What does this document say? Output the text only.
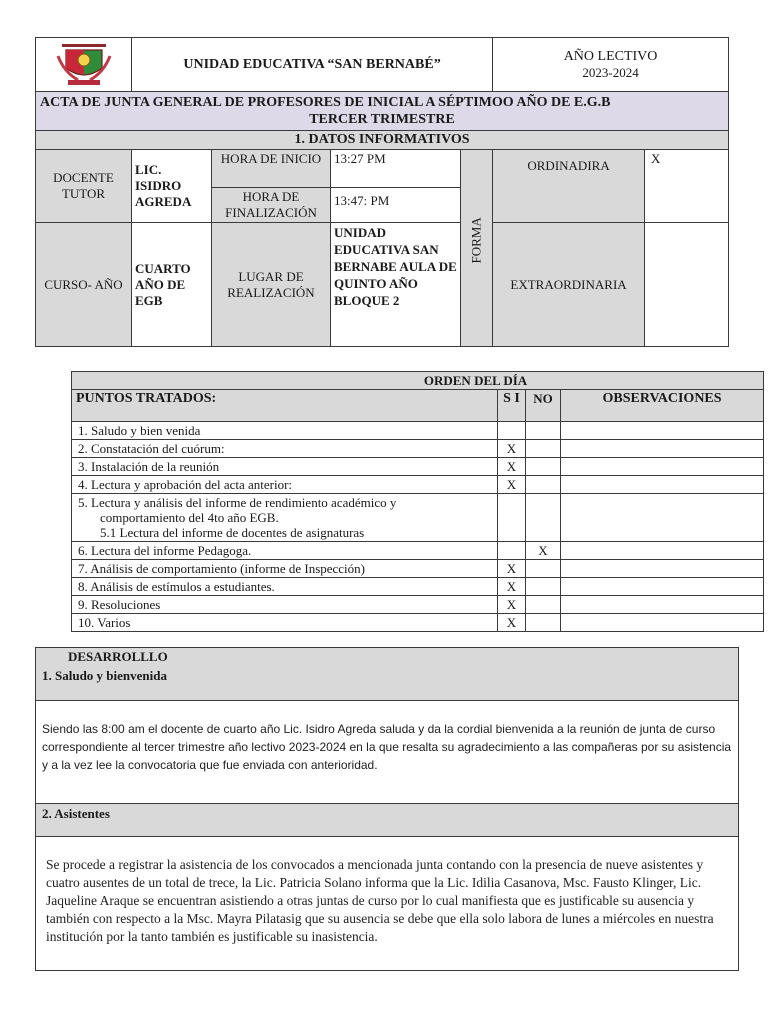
	UNIDAD EDUCATIVA “SAN BERNABÉ”				AÑO LECTIVO
2023-2024	

ACTA DE JUNTA GENERAL DE PROFESORES DE INICIAL A SÉPTIMOO AÑO DE E.G.B
TERCER TRIMESTRE						

1. DATOS INFORMATIVOS						
DOCENTE TUTOR	LIC. ISIDRO AGREDA	HORA DE INICIO	13:27 PM	FORMA	ORDINADIRA	X
		HORA DE FINALIZACIÓN	13:47: PM			
CURSO- AÑO	CUARTO AÑO DE EGB	LUGAR DE REALIZACIÓN	UNIDAD EDUCATIVA SAN BERNABE AULA DE QUINTO AÑO BLOQUE 2		EXTRAORDINARIA	
ORDEN DEL DÍA			
PUNTOS TRATADOS:	S I	NO	OBSERVACIONES
1. Saludo y bien venida			
2. Constatación del cuórum:	X		
3. Instalación de la reunión	X		
4. Lectura y aprobación del acta anterior:	X		

5. Lectura y análisis del informe de rendimiento académico y
comportamiento del 4to año EGB.
5.1 Lectura del informe de docentes de asignaturas			

6. Lectura del informe Pedagoga.		X	
7. Análisis de comportamiento (informe de Inspección)	X		
8. Análisis de estímulos a estudiantes.	X		
9. Resoluciones	X		
10. Varios	X		
DESARROLLLO
1. Saludo y bienvenida
Siendo las 8:00 am el docente de cuarto año Lic. Isidro Agreda saluda y da la cordial bienvenida a la reunión de junta de curso correspondiente al tercer trimestre año lectivo 2023-2024 en la que resalta su agradecimiento a las compañeras por su asistencia y a la vez lee la convocatoria que fue enviada con anterioridad.
2. Asistentes
Se procede a registrar la asistencia de los convocados a mencionada junta contando con la presencia de nueve asistentes y cuatro ausentes de un total de trece, la Lic. Patricia Solano informa que la Lic. Idilia Casanova, Msc. Fausto Klinger, Lic. Jaqueline Araque se encuentran asistiendo a otras juntas de curso por lo cual manifiesta que es justificable su ausencia y también con respecto a la Msc. Mayra Pilatasig que su ausencia se debe que ella solo labora de lunes a miércoles en nuestra institución por la tanto también es justificable su inasistencia.
